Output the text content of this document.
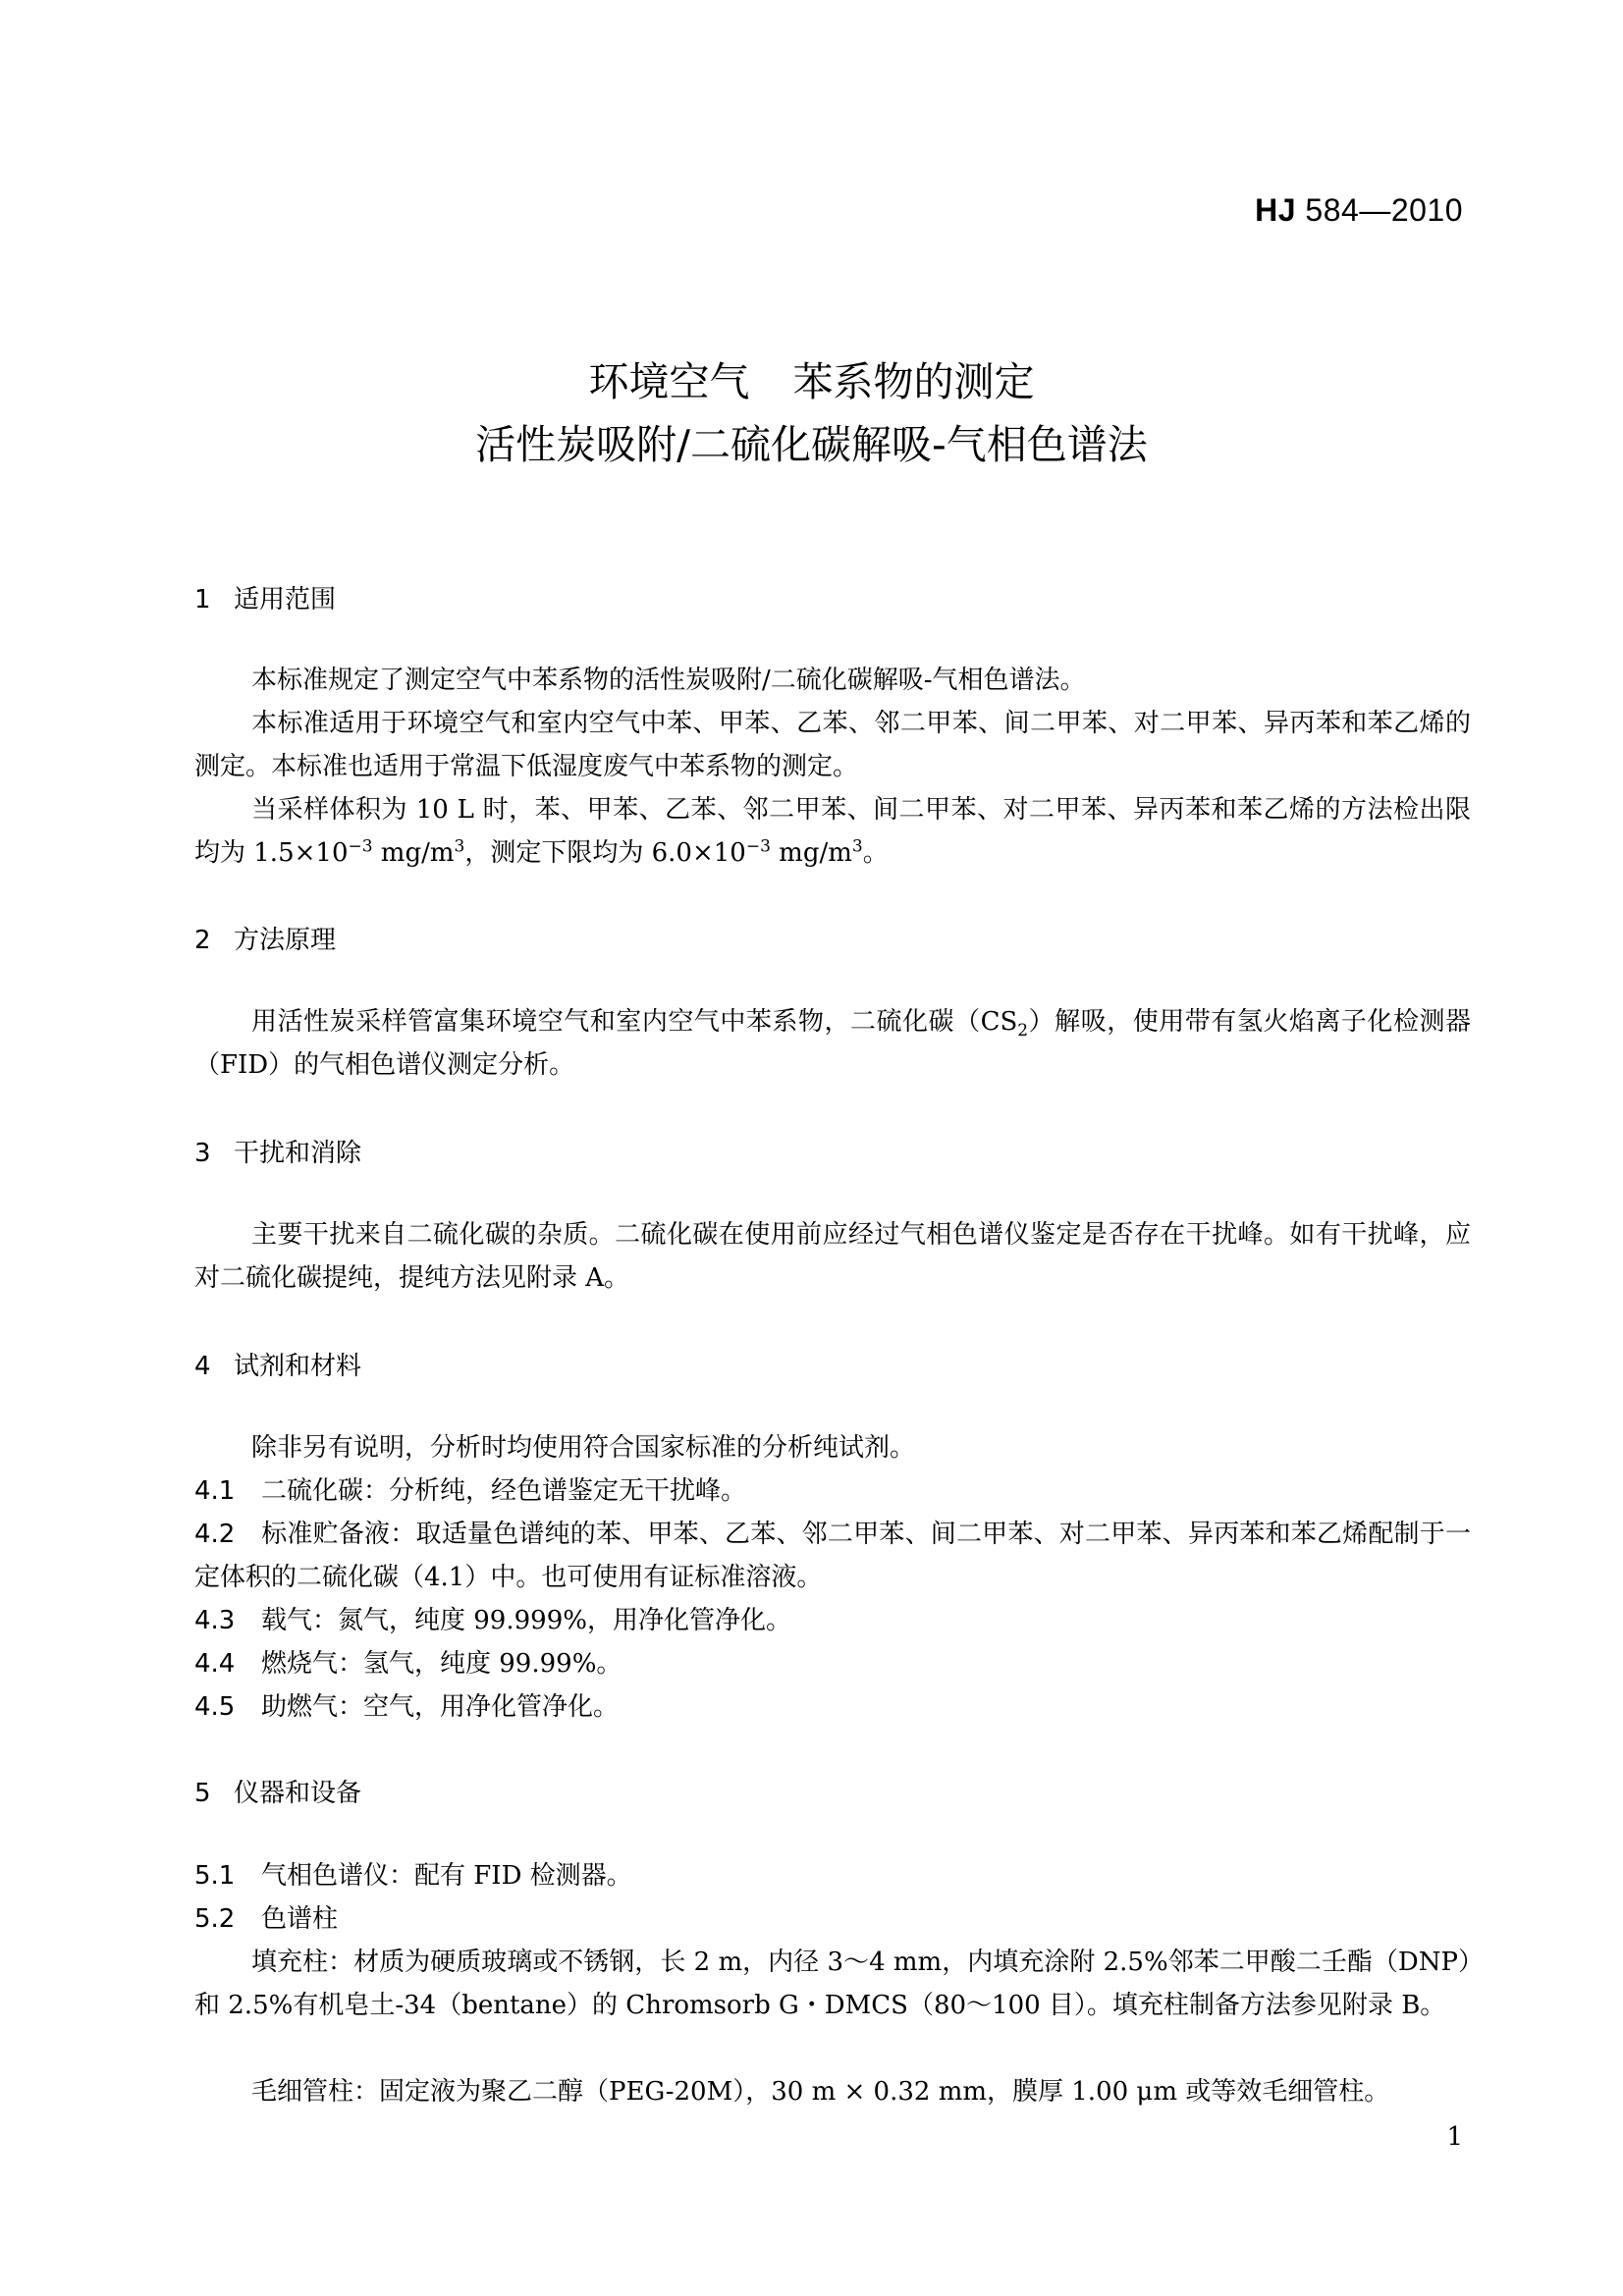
HJ 584—2010
环境空气 苯系物的测定
活性炭吸附/二硫化碳解吸-气相色谱法
1 适用范围
本标准规定了测定空气中苯系物的活性炭吸附/二硫化碳解吸-气相色谱法。
本标准适用于环境空气和室内空气中苯、甲苯、乙苯、邻二甲苯、间二甲苯、对二甲苯、异丙苯和苯乙烯的测定。本标准也适用于常温下低湿度废气中苯系物的测定。
当采样体积为 10 L 时，苯、甲苯、乙苯、邻二甲苯、间二甲苯、对二甲苯、异丙苯和苯乙烯的方法检出限均为 $1.5\times 10^{-3}$ $mg/m^3$，测定下限均为 $6.0\times 10^{-3}$ $mg/m^3$。
2 方法原理
用活性炭采样管富集环境空气和室内空气中苯系物，二硫化碳$(CS_2)$解吸，使用带有氢火焰离子化检测器（FID）的气相色谱仪测定分析。
3 干扰和消除
主要干扰来自二硫化碳的杂质。二硫化碳在使用前应经过气相色谱仪鉴定是否存在干扰峰。如有干扰峰，应对二硫化碳提纯，提纯方法见附录 A。
4 试剂和材料
除非另有说明，分析时均使用符合国家标准的分析纯试剂。
4.1 二硫化碳：分析纯，经色谱鉴定无干扰峰。
4.2 标准贮备液：取适量色谱纯的苯、甲苯、乙苯、邻二甲苯、间二甲苯、对二甲苯、异丙苯和苯乙烯配制于一定体积的二硫化碳（4.1）中。也可使用有证标准溶液。
4.3 载气：氮气，纯度 99.999%，用净化管净化。
4.4 燃烧气：氢气，纯度 99.99%。
4.5 助燃气：空气，用净化管净化。
5 仪器和设备
5.1 气相色谱仪：配有 FID 检测器。
5.2 色谱柱
填充柱：材质为硬质玻璃或不锈钢，长 2 m，内径 3～4 mm，内填充涂附 2.5%邻苯二甲酸二壬酯（DNP）和 2.5%有机皂土-34（bentane）的 Chromsorb G・DMCS（80～100 目）。填充柱制备方法参见附录 B。
毛细管柱：固定液为聚乙二醇（PEG-20M），30 m × 0.32 mm，膜厚 1.00 μm 或等效毛细管柱。
1
